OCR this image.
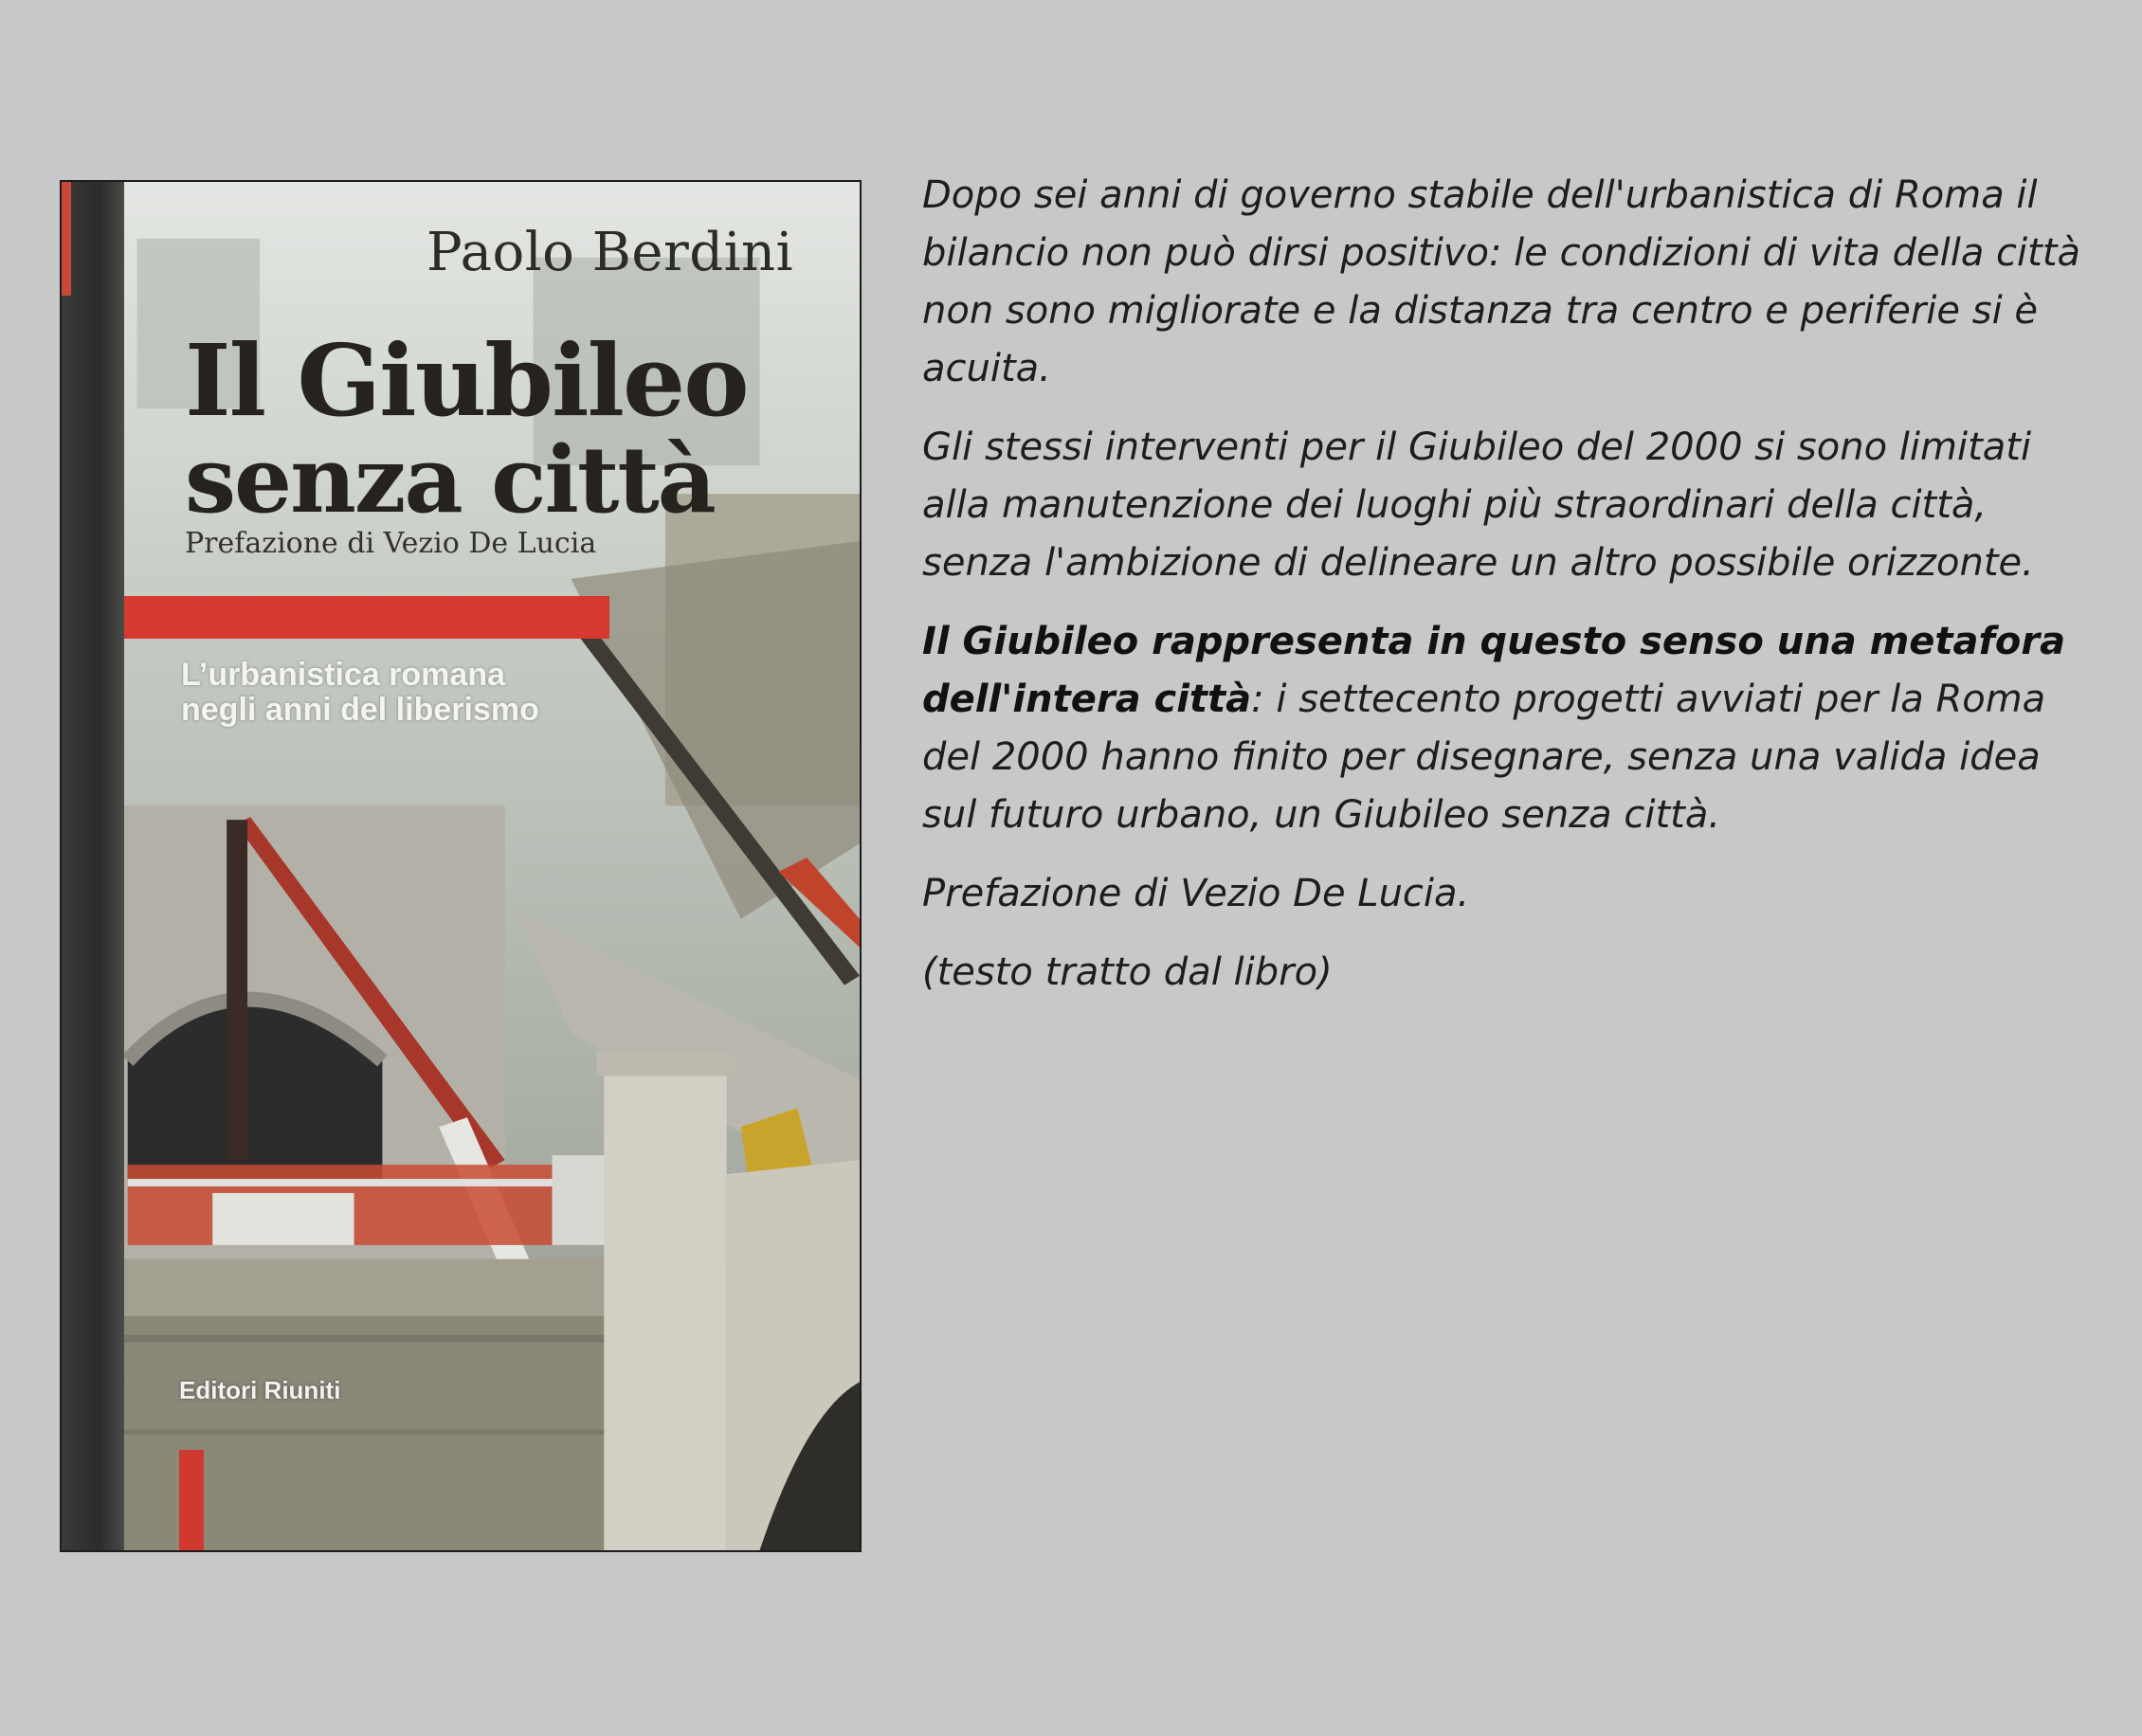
Paolo Berdini
Il Giubileo
senza città
Prefazione di Vezio De Lucia
L’urbanistica romana
negli anni del liberismo
Editori Riuniti

Dopo sei anni di governo stabile dell'urbanistica di Roma il bilancio non può dirsi positivo: le condizioni di vita della città non sono migliorate e la distanza tra centro e periferie si è acuita.

Gli stessi interventi per il Giubileo del 2000 si sono limitati alla manutenzione dei luoghi più straordinari della città, senza l'ambizione di delineare un altro possibile orizzonte.

Il Giubileo rappresenta in questo senso una metafora dell'intera città: i settecento progetti avviati per la Roma del 2000 hanno finito per disegnare, senza una valida idea sul futuro urbano, un Giubileo senza città.

Prefazione di Vezio De Lucia.

(testo tratto dal libro)
